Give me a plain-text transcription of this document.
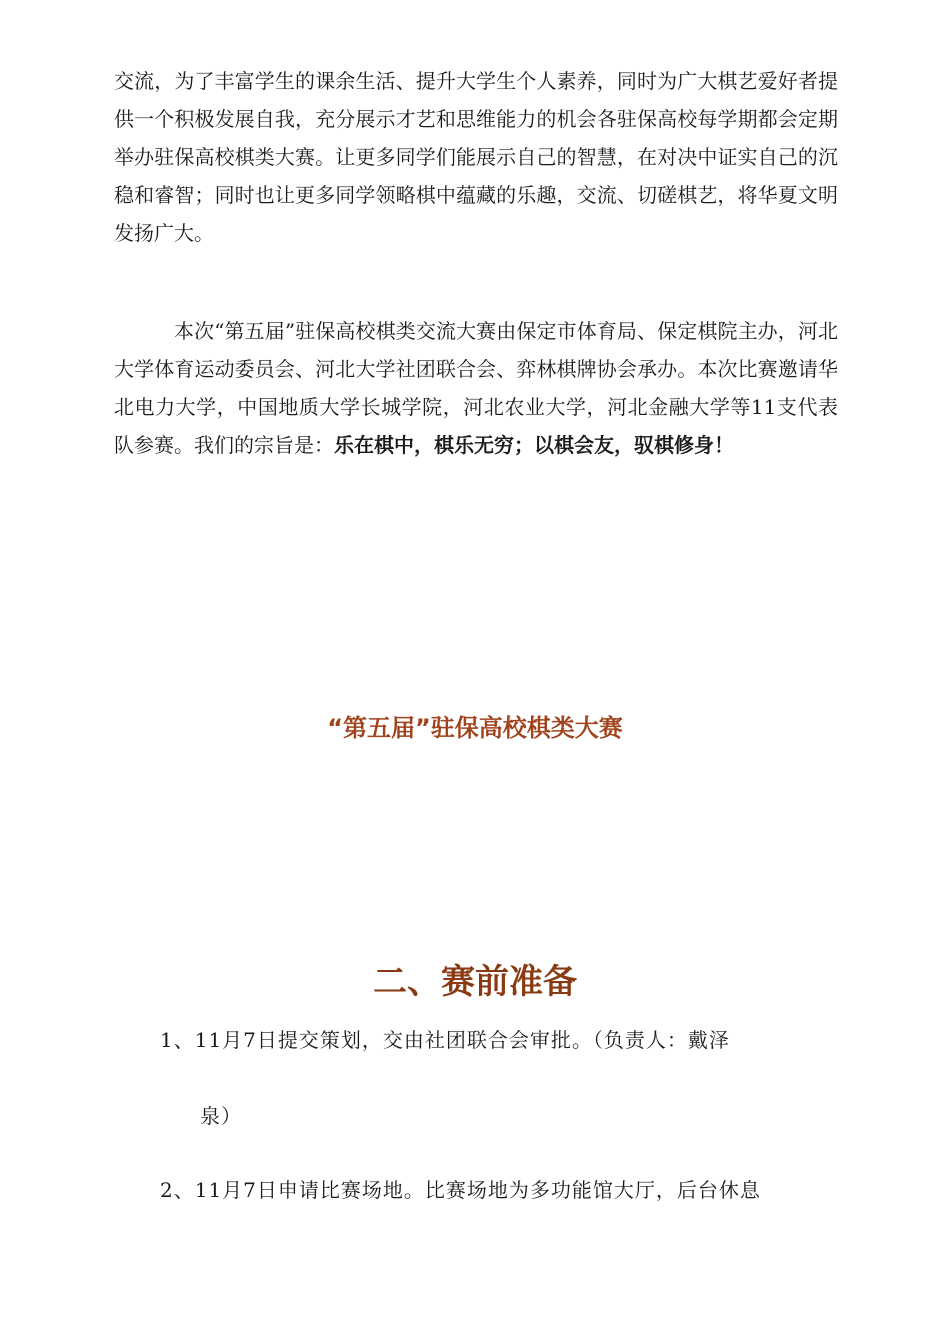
交流，为了丰富学生的课余生活、提升大学生个人素养，同时为广大棋艺爱好者提供一个积极发展自我，充分展示才艺和思维能力的机会各驻保高校每学期都会定期举办驻保高校棋类大赛。让更多同学们能展示自己的智慧，在对决中证实自己的沉稳和睿智；同时也让更多同学领略棋中蕴藏的乐趣，交流、切磋棋艺，将华夏文明发扬广大。

本次“第五届”驻保高校棋类交流大赛由保定市体育局、保定棋院主办，河北大学体育运动委员会、河北大学社团联合会、弈林棋牌协会承办。本次比赛邀请华北电力大学，中国地质大学长城学院，河北农业大学，河北金融大学等11支代表队参赛。我们的宗旨是：乐在棋中，棋乐无穷；以棋会友，驭棋修身！

“第五届”驻保高校棋类大赛
二、赛前准备

1、11月7日提交策划，交由社团联合会审批。（负责人：戴泽
泉）

2、11月7日申请比赛场地。比赛场地为多功能馆大厅，后台休息
